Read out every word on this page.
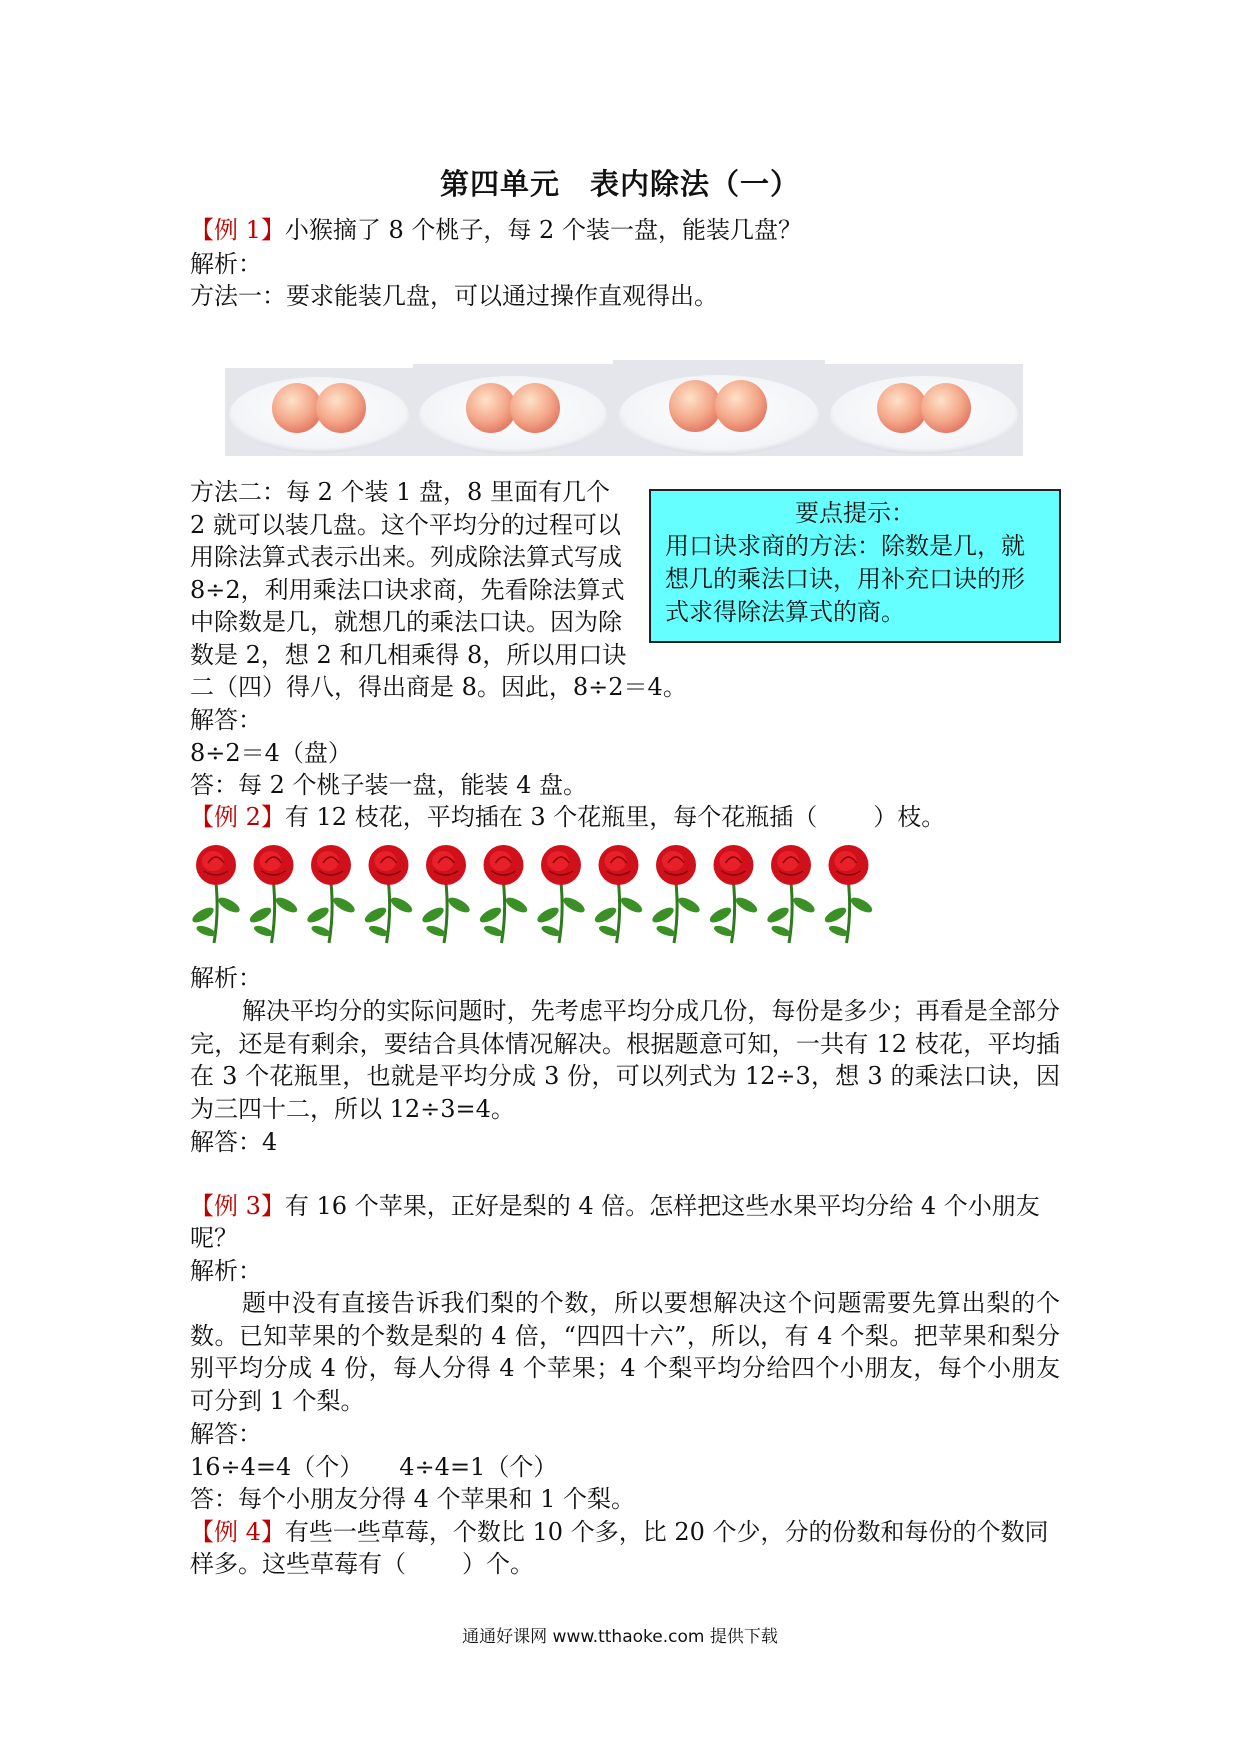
第四单元　表内除法（一）
【例 1】小猴摘了 8 个桃子，每 2 个装一盘，能装几盘？
解析：
方法一：要求能装几盘，可以通过操作直观得出。
方法二：每 2 个装 1 盘，8 里面有几个 2 就可以装几盘。这个平均分的过程可以用除法算式表示出来。列成除法算式写成 8÷2，利用乘法口诀求商，先看除法算式中除数是几，就想几的乘法口诀。因为除数是 2，想 2 和几相乘得 8，所以用口诀
二（四）得八，得出商是 8。因此，8÷2＝4。
要点提示：
用口诀求商的方法：除数是几，就想几的乘法口诀，用补充口诀的形式求得除法算式的商。
解答：
8÷2＝4（盘）
答：每 2 个桃子装一盘，能装 4 盘。
【例 2】有 12 枝花，平均插在 3 个花瓶里，每个花瓶插（ ）枝。
解析：
解决平均分的实际问题时，先考虑平均分成几份，每份是多少；再看是全部分完，还是有剩余，要结合具体情况解决。根据题意可知，一共有 12 枝花，平均插在 3 个花瓶里，也就是平均分成 3 份，可以列式为 12÷3，想 3 的乘法口诀，因为三四十二，所以 12÷3=4。
解答：4
【例 3】有 16 个苹果，正好是梨的 4 倍。怎样把这些水果平均分给 4 个小朋友
呢？
解析：
题中没有直接告诉我们梨的个数，所以要想解决这个问题需要先算出梨的个数。已知苹果的个数是梨的 4 倍，“四四十六”，所以，有 4 个梨。把苹果和梨分别平均分成 4 份，每人分得 4 个苹果；4 个梨平均分给四个小朋友，每个小朋友可分到 1 个梨。
解答：
16÷4=4（个）　　4÷4=1（个）
答：每个小朋友分得 4 个苹果和 1 个梨。
【例 4】有些一些草莓，个数比 10 个多，比 20 个少，分的份数和每份的个数同
样多。这些草莓有（ ）个。
通通好课网 www.tthaoke.com 提供下载
